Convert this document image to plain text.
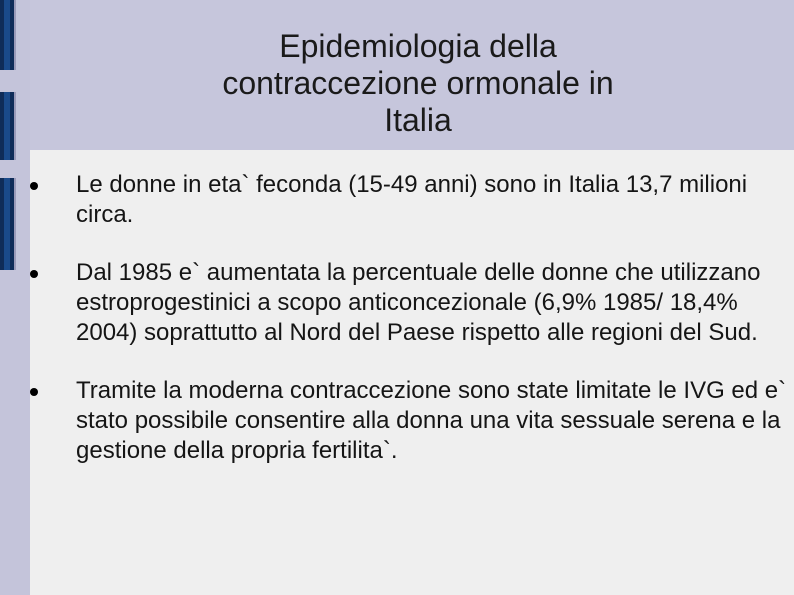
Epidemiologia della
contraccezione ormonale in
Italia
Le donne in eta` feconda (15-49 anni) sono in Italia 13,7 milioni circa.
Dal 1985 e` aumentata la percentuale delle donne che utilizzano estroprogestinici a scopo anticoncezionale (6,9% 1985/ 18,4% 2004) soprattutto al Nord del Paese rispetto alle regioni del Sud.
Tramite la moderna contraccezione sono state limitate le IVG ed e` stato possibile consentire alla donna una vita sessuale serena e la gestione della propria fertilita`.
